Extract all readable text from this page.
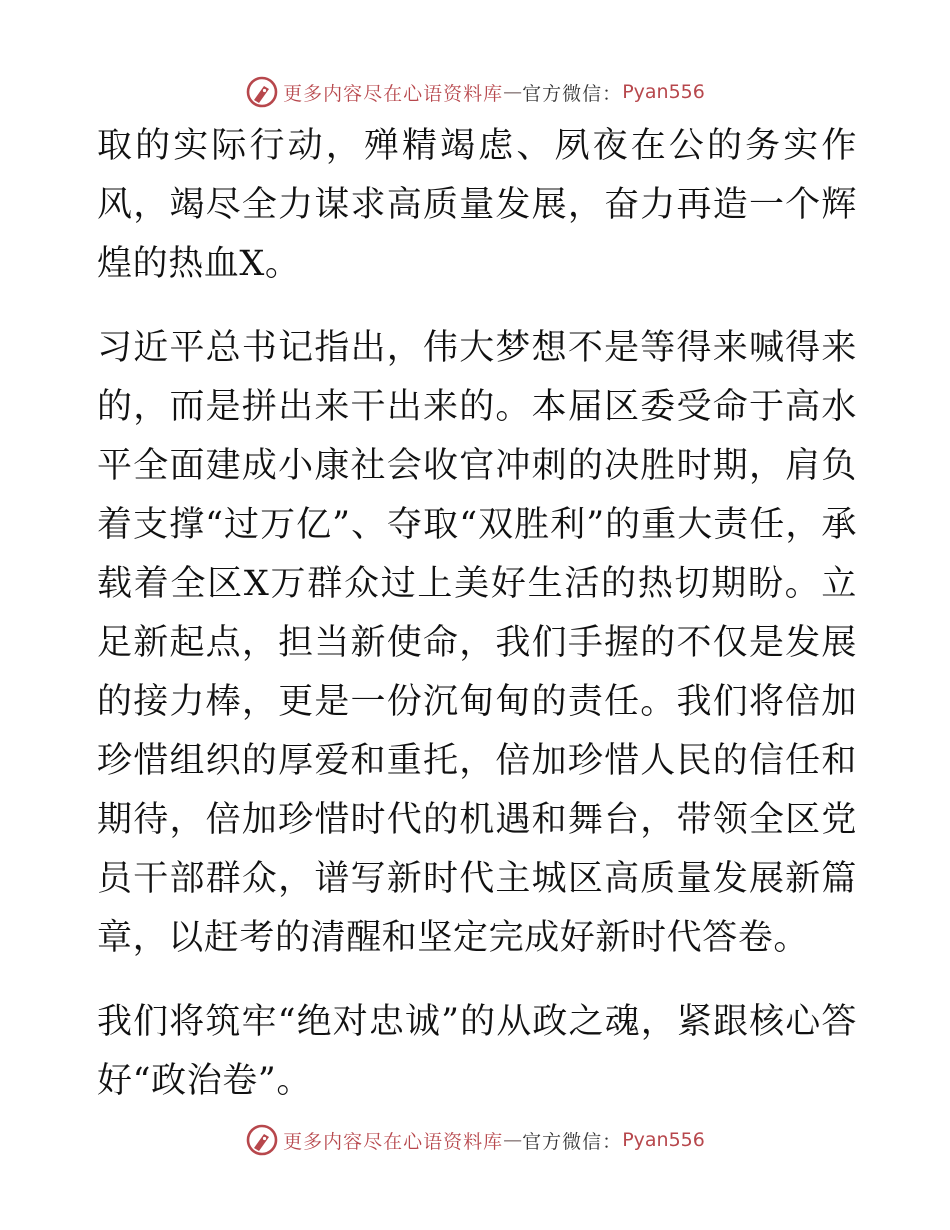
更多内容尽在心语资料库 — 官方微信： Pyan556

取的实际行动，殚精竭虑、夙夜在公的务实作风，竭尽全力谋求高质量发展，奋力再造一个辉煌的热血X。

习近平总书记指出，伟大梦想不是等得来喊得来的，而是拼出来干出来的。本届区委受命于高水平全面建成小康社会收官冲刺的决胜时期，肩负着支撑“过万亿”、夺取“双胜利”的重大责任，承载着全区X万群众过上美好生活的热切期盼。立足新起点，担当新使命，我们手握的不仅是发展的接力棒，更是一份沉甸甸的责任。我们将倍加珍惜组织的厚爱和重托，倍加珍惜人民的信任和期待，倍加珍惜时代的机遇和舞台，带领全区党员干部群众，谱写新时代主城区高质量发展新篇章，以赶考的清醒和坚定完成好新时代答卷。

我们将筑牢“绝对忠诚”的从政之魂，紧跟核心答好“政治卷”。

更多内容尽在心语资料库 — 官方微信： Pyan556
